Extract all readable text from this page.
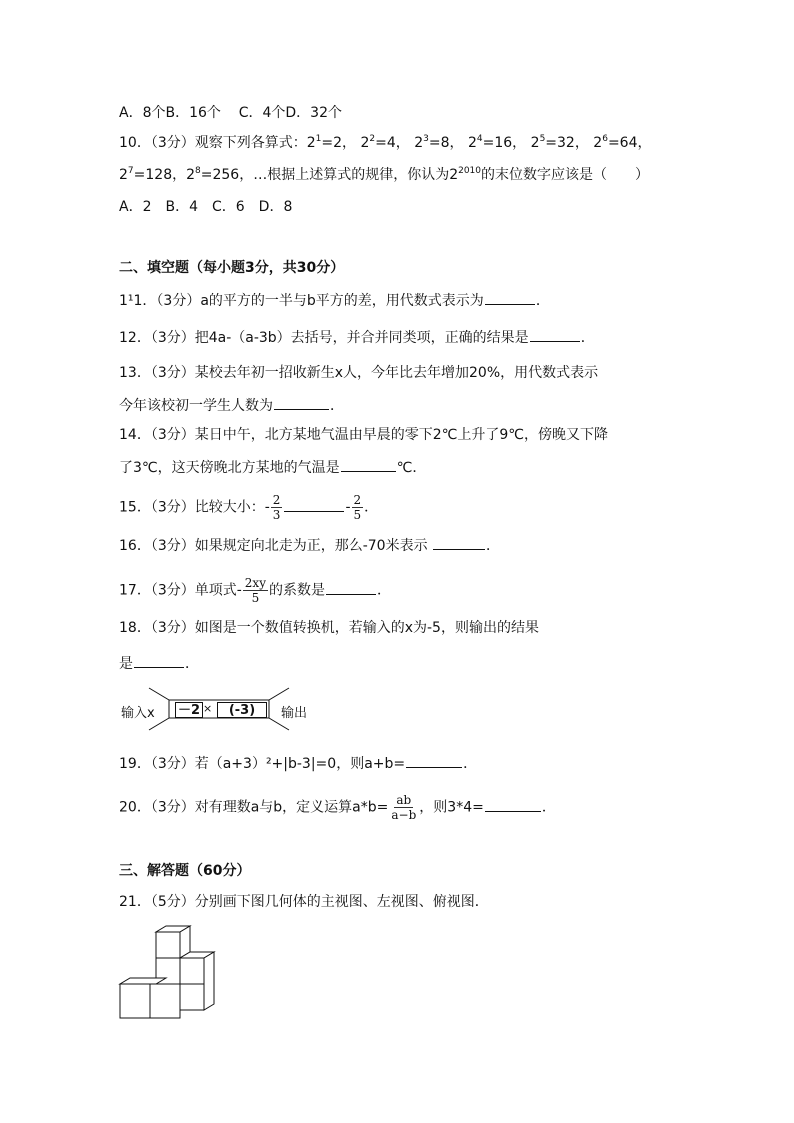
A．8个B．16个 C．4个D．32个
10．（3分）观察下列各算式：$2^1=2$， $2^2=4$， $2^3=8$， $2^4=16$， $2^5=32$， $2^6=64$，
$2^7=128$，$2^8=256$，…根据上述算式的规律，你认为$2^{2010}$的末位数字应该是（　　）
A．2　B．4　C．6　D．8
二、填空题（每小题3分，共30分）
1¹1．（3分）a的平方的一半与b平方的差，用代数式表示为	．
12．（3分）把4a-（a-3b）去括号，并合并同类项，正确的结果是	．
13．（3分）某校去年初一招收新生x人，今年比去年增加20%，用代数式表示
今年该校初一学生人数为	．
14．（3分）某日中午，北方某地气温由早晨的零下2℃上升了9℃，傍晚又下降
了3℃，这天傍晚北方某地的气温是	℃．
15．（3分）比较大小：- $\frac{2}{3}$	- $\frac{2}{5}$ ．
16．（3分）如果规定向北走为正，那么-70米表示	．
17．（3分）单项式- $\frac{2xy}{5}$ 的系数是	．
18．（3分）如图是一个数值转换机，若输入的x为-5，则输出的结果
是	．
输入x －2 ×	(-3)	输出
19．（3分）若（a+3）²+|b-3|=0，则a+b=	．
20．（3分）对有理数a与b，定义运算$a*b= \frac{ab}{a-b}$ ，则3*4=	．
三、解答题（60分）
21．（5分）分别画下图几何体的主视图、左视图、俯视图．
